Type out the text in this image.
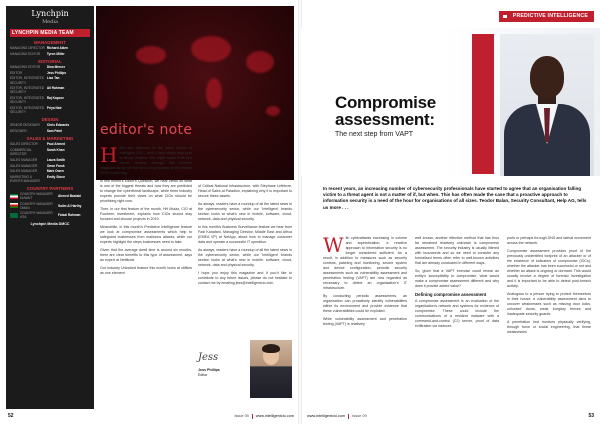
Lynchpin
Media
LYNCHPIN MEDIA TEAM
MANAGEMENT
MANAGING DIRECTOR Richard Aiken
MANAGING EDITOR	Tyron Miller
EDITORIAL
MANAGING EDITOR	Dina Mercer
EDITOR	Jess Phillips
EDITOR, INTEGRATED SECURITY
Lisa Tan
EDITOR, INTEGRATED SECURITY
Ali Rahman
EDITOR, INTEGRATED SECURITY
Raj Kapoor
EDITOR, INTEGRATED SECURITY
Priya Nair
DESIGN
SENIOR DESIGNER	Chris Edwards
DESIGNER	Sam Patel
SALES & MARKETING
SALES DIRECTOR	Paul Ahmed
COMMERCIAL DIRECTOR
Sarah Khan
SALES MANAGER	Laura Smith
SALES MANAGER	Omar Faruk
SALES MANAGER	Mark Owen
MARKETING & EVENTS MANAGER
Emily Stone
COUNTRY PARTNERS
COUNTRY MANAGER KUWAIT	Ahmed Bastaki
COUNTRY MANAGER OMAN	Salim Al Harthy
COUNTRY MANAGER KSA	Faisal Rahman
Lynchpin Media DMCC
editor's note
H ello and welcome to the latest edition of Intelligent CIO – and a very happy new year to all our readers. You might notice a bit of a theme running through this month's magazine as we set the focus on preparing for the threats 2019 could bring.

In this month's Editor's Question, we hear views on what is one of the biggest threats and how they are predicted to change the cyberthreat landscape, while three industry experts provide their views on what CIOs should be prioritising right now.

Then, in our first feature of the month, HH Mutaz, CIO at Fourteen Investment, explains how CIOs should stay focused and choose projects in 2019.

Meanwhile, in this month's Predictive Intelligence feature we look at compromise assessments which help to safeguard businesses from malicious attacks, while our experts highlight the steps businesses need to take.

Given that the average dwell time is around six months, there are clear benefits to this type of assessment, says an expert at Nettitude.

Our Industry Unlocked feature this month looks at utilities as one element

of Critical National Infrastructure, with Stéphane Lefèbvre, Head of Sales at Paladion, explaining why it is important to secure these assets.

As always, readers have a roundup of all the latest news in the cybersecurity sector, while our 'Intelligent' brands section looks at what's new in mobile, software, cloud, network, data and physical security.

In this month's Business Surveillance feature we hear from Fadi Kanafani, Managing Director, Middle East and Africa (EMEA VP) at NetApp, about how to manage customer data and operate a successful IT operation.

As always, readers have a roundup of all the latest news in the cybersecurity sector, while our 'Intelligent' brands section looks at what's new in mobile, software, cloud, network, data and physical security.

I hope you enjoy this magazine and if you'd like to contribute to any future issues, please do not hesitate to contact me by emailing jess@intelligentcio.com

Jess
Jess Phillips
Editor
52	Issue 09 www.intelligentcio.com
PREDICTIVE INTELLIGENCE
Compromise
assessment:
The next step from VAPT
In recent years, an increasing number of cybersecurity professionals have started to agree that an organisation falling victim to a threat agent is not a matter of if, but when. This has often made the case that a proactive approach to information security is a need of the hour for organisations of all sizes. Teodor Balan, Security Consultant, Help AG, tells us more . . .
W ith cyberattacks increasing in volume and sophistication, a reactive approach to information security is no longer considered sufficient. As a result, in addition to measures such as security controls, patching and monitoring, secure system and device configuration, periodic security assessments such as vulnerability assessment and penetration testing (VAPT) are now regarded as necessary to detect an organisation's IT infrastructure.

By conducting periodic assessments, an organisation can proactively identify vulnerabilities within its environment and provide evidence that these vulnerabilities could be exploited.

While vulnerability assessment and penetration testing (VAPT) is relatively

well known, another effective method that has thus far remained relatively unknown is compromise assessment. The security industry is usually littered with buzzwords and so we need to consider any formalised terms often refer to well-known activities that are already conducted in different ways.

So, given that a VAPT exercise could reveal an entity's susceptibility to compromise, what would make a compromise assessment different and why does it provide added value?

Defining compromise assessment

A compromise assessment is an evaluation of the organisation's network and systems for evidence of compromise. These could include the communications of a resident malware with a command-and-control (C2) server, proof of data exfiltration via insecure

ports or perhaps through DNS and lateral movement across the network.

Compromise assessment provides proof of the previously unidentified footprint of an attacker or of the existence of indicators of compromise (IOCs), whether the attacker has been successful or not and whether an attack is ongoing or dormant. This would usually involve a degree of forensic investigation and it is important to be able to detect post-breach activity.

Analogous to a person trying to protect themselves in their house, a vulnerability assessment aims to uncover weaknesses such as missing door locks, unlocked doors, weak burglary fences and inadequate security guards.

A penetration test involves physically verifying, through force or social engineering, that these weaknesses

www.intelligentcio.com Issue 09	53
